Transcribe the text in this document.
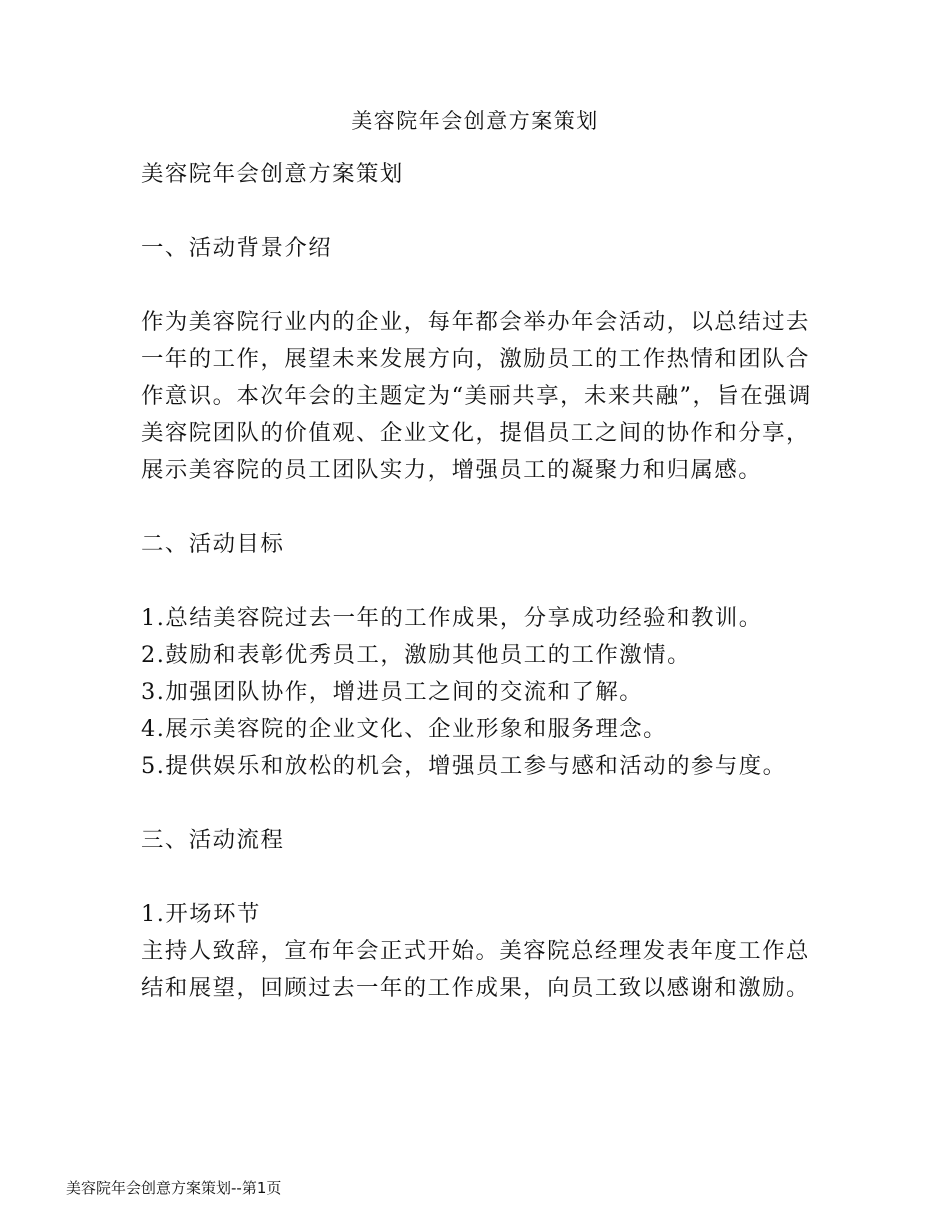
美容院年会创意方案策划

美容院年会创意方案策划

一、活动背景介绍

作为美容院行业内的企业，每年都会举办年会活动，以总结过去一年的工作，展望未来发展方向，激励员工的工作热情和团队合作意识。本次年会的主题定为“美丽共享，未来共融”，旨在强调美容院团队的价值观、企业文化，提倡员工之间的协作和分享，展示美容院的员工团队实力，增强员工的凝聚力和归属感。

二、活动目标

1.总结美容院过去一年的工作成果，分享成功经验和教训。

2.鼓励和表彰优秀员工，激励其他员工的工作激情。

3.加强团队协作，增进员工之间的交流和了解。

4.展示美容院的企业文化、企业形象和服务理念。

5.提供娱乐和放松的机会，增强员工参与感和活动的参与度。

三、活动流程

1.开场环节

主持人致辞，宣布年会正式开始。美容院总经理发表年度工作总结和展望，回顾过去一年的工作成果，向员工致以感谢和激励。

美容院年会创意方案策划--第1页
